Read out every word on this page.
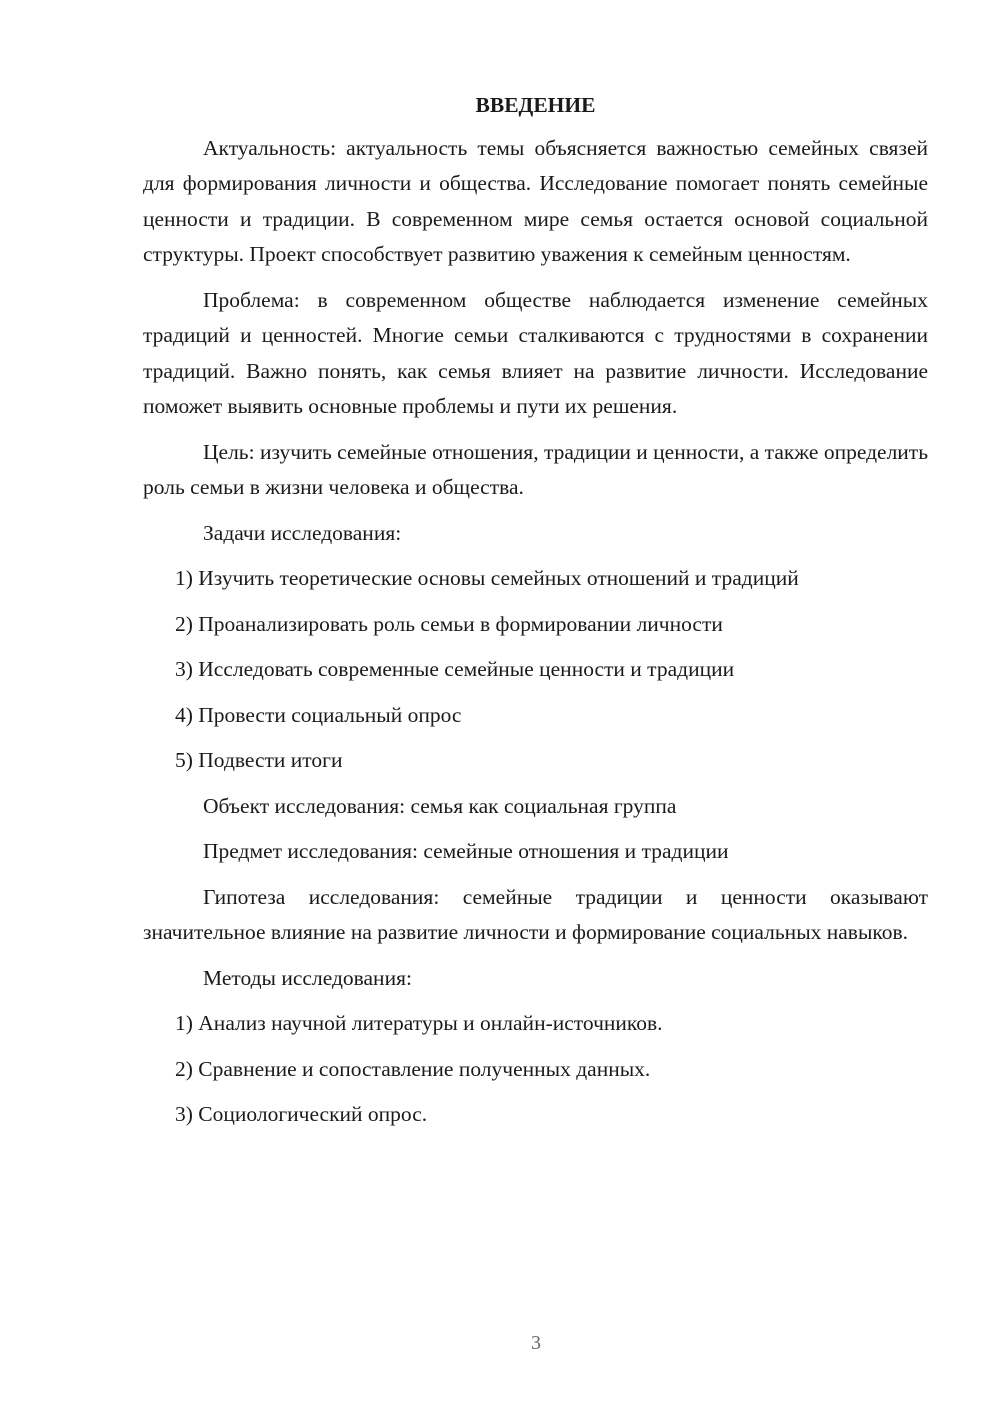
ВВЕДЕНИЕ

Актуальность: актуальность темы объясняется важностью семейных связей для формирования личности и общества. Исследование помогает понять семейные ценности и традиции. В современном мире семья остается основой социальной структуры. Проект способствует развитию уважения к семейным ценностям.

Проблема: в современном обществе наблюдается изменение семейных традиций и ценностей. Многие семьи сталкиваются с трудностями в сохранении традиций. Важно понять, как семья влияет на развитие личности. Исследование поможет выявить основные проблемы и пути их решения.

Цель: изучить семейные отношения, традиции и ценности, а также определить роль семьи в жизни человека и общества.

Задачи исследования:

1) Изучить теоретические основы семейных отношений и традиций
2) Проанализировать роль семьи в формировании личности
3) Исследовать современные семейные ценности и традиции
4) Провести социальный опрос
5) Подвести итоги

Объект исследования: семья как социальная группа

Предмет исследования: семейные отношения и традиции

Гипотеза исследования: семейные традиции и ценности оказывают значительное влияние на развитие личности и формирование социальных навыков.

Методы исследования:

1) Анализ научной литературы и онлайн-источников.
2) Сравнение и сопоставление полученных данных.
3) Социологический опрос.
3
